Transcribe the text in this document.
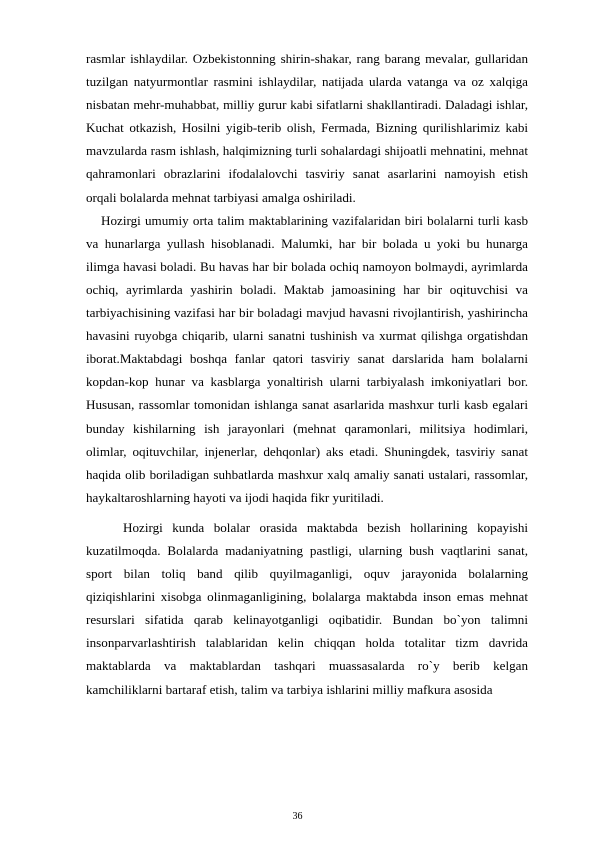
rasmlar ishlaydilar. Ozbekistonning shirin-shakar, rang barang mevalar, gullaridan tuzilgan natyurmontlar rasmini ishlaydilar, natijada ularda vatanga va oz xalqiga nisbatan mehr-muhabbat, milliy gurur kabi sifatlarni shakllantiradi. Daladagi ishlar, Kuchat otkazish, Hosilni yigib-terib olish, Fermada, Bizning qurilishlarimiz kabi mavzularda rasm ishlash, halqimizning turli sohalardagi shijoatli mehnatini, mehnat qahramonlari obrazlarini ifodalalovchi tasviriy sanat asarlarini namoyish etish orqali bolalarda mehnat tarbiyasi amalga oshiriladi.

Hozirgi umumiy orta talim maktablarining vazifalaridan biri bolalarni turli kasb va hunarlarga yullash hisoblanadi. Malumki, har bir bolada u yoki bu hunarga ilimga havasi boladi. Bu havas har bir bolada ochiq namoyon bolmaydi, ayrimlarda ochiq, ayrimlarda yashirin boladi. Maktab jamoasining har bir oqituvchisi va tarbiyachisining vazifasi har bir boladagi mavjud havasni rivojlantirish, yashirincha havasini ruyobga chiqarib, ularni sanatni tushinish va xurmat qilishga orgatishdan iborat.Maktabdagi boshqa fanlar qatori tasviriy sanat darslarida ham bolalarni kopdan-kop hunar va kasblarga yonaltirish ularni tarbiyalash imkoniyatlari bor. Hususan, rassomlar tomonidan ishlanga sanat asarlarida mashxur turli kasb egalari bunday kishilarning ish jarayonlari (mehnat qaramonlari, militsiya hodimlari, olimlar, oqituvchilar, injenerlar, dehqonlar) aks etadi. Shuningdek, tasviriy sanat haqida olib boriladigan suhbatlarda mashxur xalq amaliy sanati ustalari, rassomlar, haykaltaroshlarning hayoti va ijodi haqida fikr yuritiladi.

Hozirgi kunda bolalar orasida maktabda bezish hollarining kopayishi kuzatilmoqda. Bolalarda madaniyatning pastligi, ularning bush vaqtlarini sanat, sport bilan toliq band qilib quyilmaganligi, oquv jarayonida bolalarning qiziqishlarini xisobga olinmaganligining, bolalarga maktabda inson emas mehnat resurslari sifatida qarab kelinayotganligi oqibatidir. Bundan bo`yon talimni insonparvarlashtirish talablaridan kelin chiqqan holda totalitar tizm davrida maktablarda va maktablardan tashqari muassasalarda ro`y berib kelgan kamchiliklarni bartaraf etish, talim va tarbiya ishlarini milliy mafkura asosida

36
